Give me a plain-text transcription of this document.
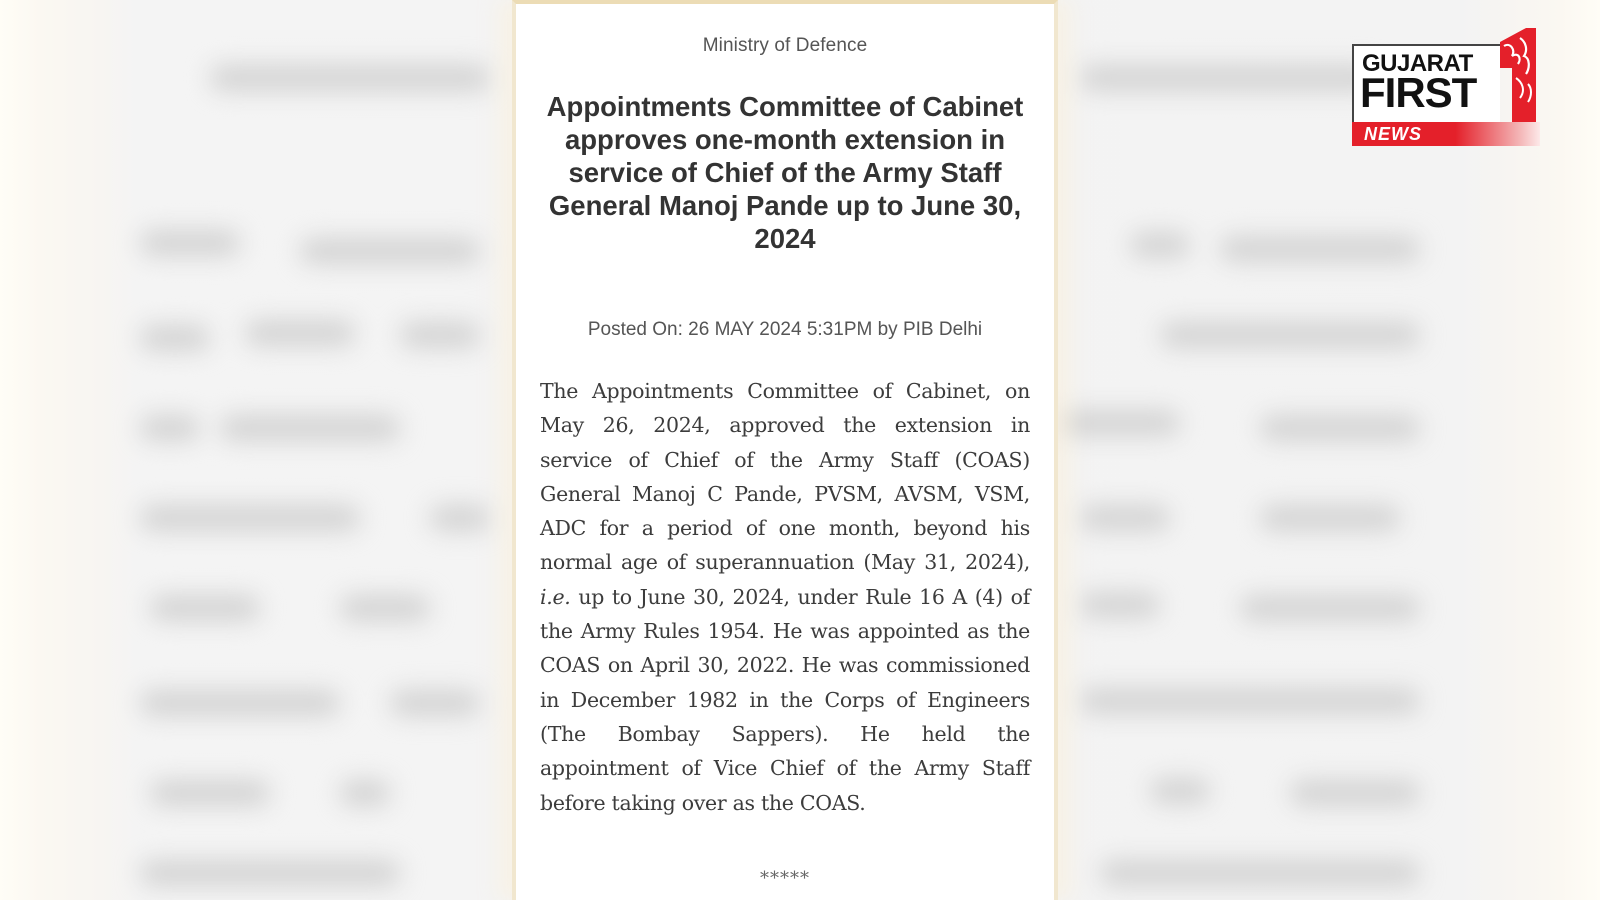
Ministry of Defence
Appointments Committee of Cabinet approves one-month extension in service of Chief of the Army Staff General Manoj Pande up to June 30, 2024
Posted On: 26 MAY 2024 5:31PM by PIB Delhi

The Appointments Committee of Cabinet, on May 26, 2024, approved the extension in service of Chief of the Army Staff (COAS) General Manoj C Pande, PVSM, AVSM, VSM, ADC for a period of one month, beyond his normal age of superannuation (May 31, 2024), i.e. up to June 30, 2024, under Rule 16 A (4) of the Army Rules 1954. He was appointed as the COAS on April 30, 2022. He was commissioned in December 1982 in the Corps of Engineers (The Bombay Sappers). He held the appointment of Vice Chief of the Army Staff before taking over as the COAS.

*****
GUJARAT
FIRST
NEWS
